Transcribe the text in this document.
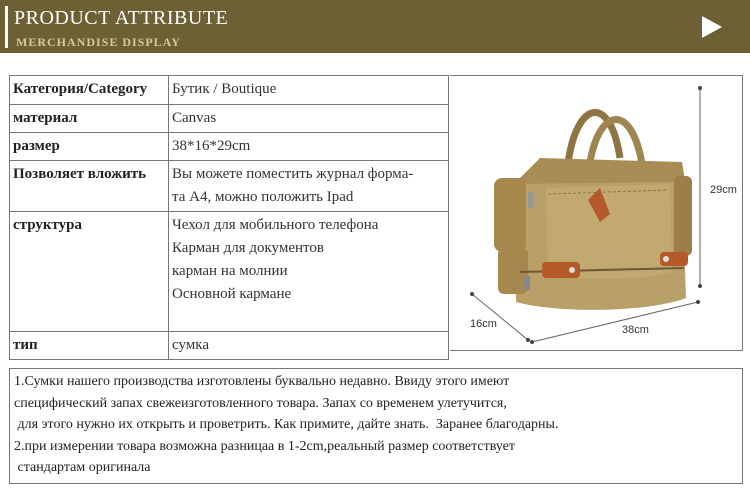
PRODUCT ATTRIBUTE
MERCHANDISE DISPLAY
Категория/Category	Бутик / Boutique

материал	Canvas

размер	38*16*29cm

Позволяет вложить	Вы можете поместить журнал форма-
та А4, можно положить Ipad

структура	Чехол для мобильного телефона
Карман для документов
карман на молнии
Основной кармане

тип	сумка
29cm
16cm	38cm
1.Сумки нашего производства изготовлены буквально недавно. Ввиду этого имеют
специфический запах свежеизготовленного товара. Запах со временем улетучится,
для этого нужно их открыть и проветрить. Как примите, дайте знать.  Заранее благодарны.
2.при измерении товара возможна разницаа в 1-2cm,реальный размер соответствует
стандартам оригинала
